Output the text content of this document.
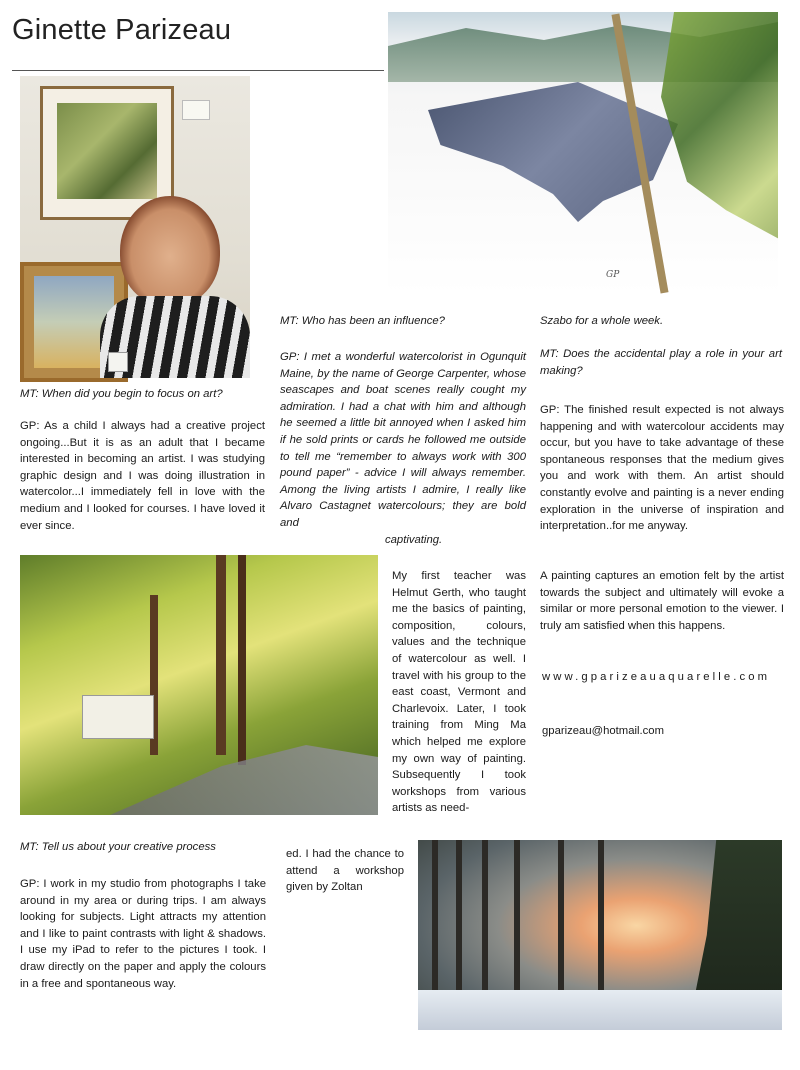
Ginette Parizeau
GP
MT: When did you begin to focus on art?
GP: As a child I always had a creative project ongoing...But it is as an adult that I became interested in becoming an artist. I was studying graphic design and I was doing illustration in watercolor...I immediately fell in love with the medium and I looked for courses. I have loved it ever since.
MT: Tell us about your creative process
GP: I work in my studio from photographs I take around in my area or during trips. I am always looking for subjects. Light attracts my attention and I like to paint contrasts with light & shadows. I use my iPad to refer to the pictures I took. I draw directly on the paper and apply the colours in a free and spontaneous way.
MT: Who has been an influence?
GP: I met a wonderful watercolorist in Ogunquit Maine, by the name of George Carpenter, whose seascapes and boat scenes really cought my admiration. I had a chat with him and although he seemed a little bit annoyed when I asked him if he sold prints or cards he followed me outside to tell me “remember to always work with 300 pound paper” - advice I will always remember. Among the living artists I admire, I really like Alvaro Castagnet watercolours; they are bold and
captivating.
My first teacher was Helmut Gerth, who taught me the basics of painting, composition, colours, values and the technique of watercolour as well. I travel with his group to the east coast, Vermont and Charlevoix. Later, I took training from Ming Ma which helped me explore my own way of painting. Subsequently I took workshops from various artists as need-
ed. I had the chance to attend a workshop given by Zoltan
Szabo for a whole week.
MT: Does the accidental play a role in your art making?
GP: The finished result expected is not always happening and with watercolour accidents may occur, but you have to take advantage of these spontaneous responses that the medium gives you and work with them. An artist should constantly evolve and painting is a never ending exploration in the universe of inspiration and interpretation..for me anyway.
A painting captures an emotion felt by the artist towards the subject and ultimately will evoke a similar or more personal emotion to the viewer. I truly am satisfied when this happens.
www.gparizeauaquarelle.com
gparizeau@hotmail.com
